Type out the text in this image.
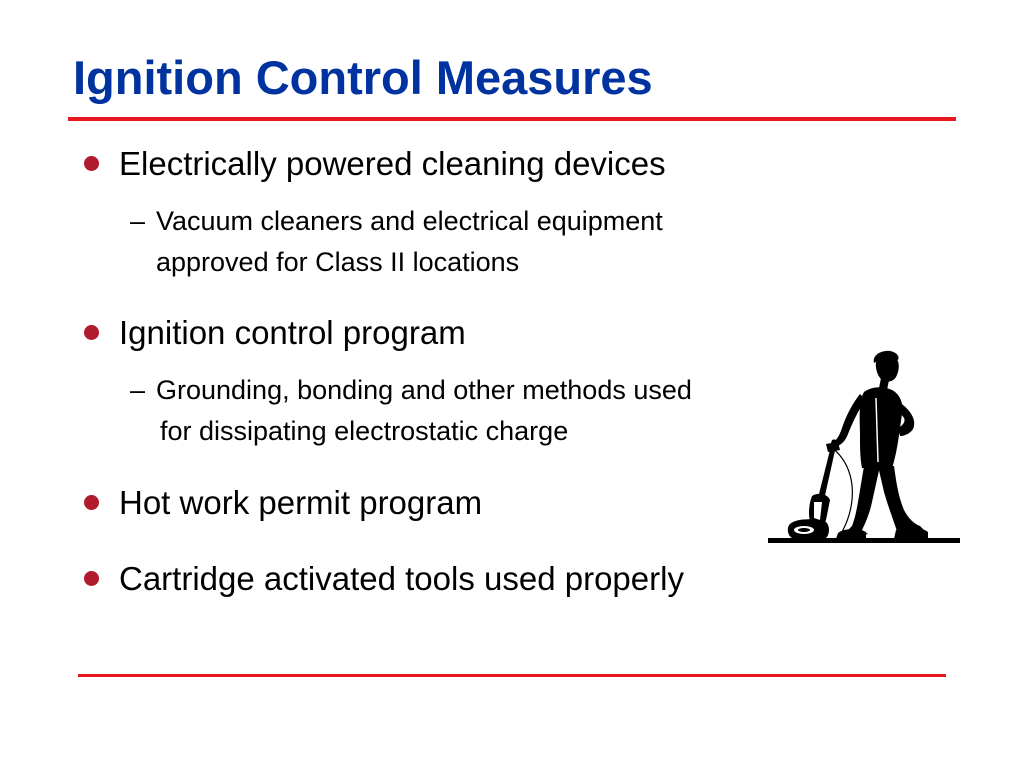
Ignition Control Measures
Electrically powered cleaning devices
– Vacuum cleaners and electrical equipment
approved for Class II locations
Ignition control program
– Grounding, bonding and other methods used
for dissipating electrostatic charge
Hot work permit program
Cartridge activated tools used properly
